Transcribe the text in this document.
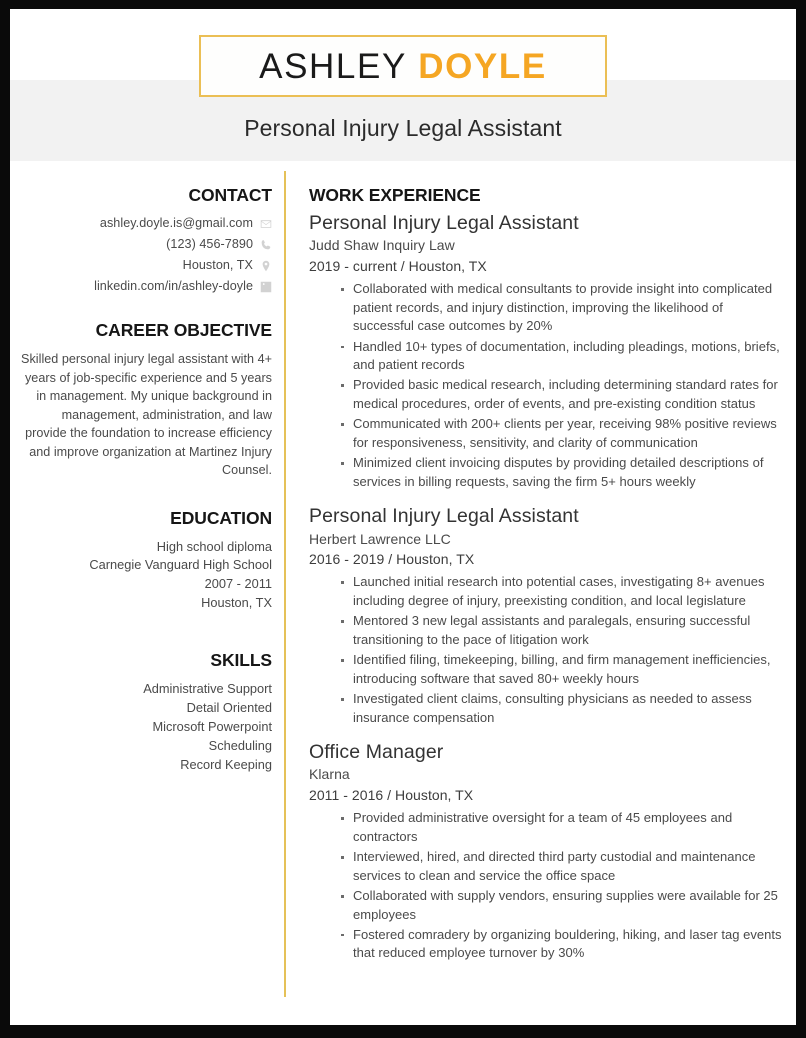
ASHLEY DOYLE
Personal Injury Legal Assistant
CONTACT
ashley.doyle.is@gmail.com
(123) 456-7890
Houston, TX
linkedin.com/in/ashley-doyle
CAREER OBJECTIVE
Skilled personal injury legal assistant with 4+ years of job-specific experience and 5 years in management. My unique background in management, administration, and law provide the foundation to increase efficiency and improve organization at Martinez Injury Counsel.
EDUCATION
High school diploma
Carnegie Vanguard High School
2007 - 2011
Houston, TX
SKILLS
Administrative Support
Detail Oriented
Microsoft Powerpoint
Scheduling
Record Keeping
WORK EXPERIENCE
Personal Injury Legal Assistant
Judd Shaw Inquiry Law
2019 - current / Houston, TX
Collaborated with medical consultants to provide insight into complicated patient records, and injury distinction, improving the likelihood of successful case outcomes by 20%
Handled 10+ types of documentation, including pleadings, motions, briefs, and patient records
Provided basic medical research, including determining standard rates for medical procedures, order of events, and pre-existing condition status
Communicated with 200+ clients per year, receiving 98% positive reviews for responsiveness, sensitivity, and clarity of communication
Minimized client invoicing disputes by providing detailed descriptions of services in billing requests, saving the firm 5+ hours weekly
Personal Injury Legal Assistant
Herbert Lawrence LLC
2016 - 2019 / Houston, TX
Launched initial research into potential cases, investigating 8+ avenues including degree of injury, preexisting condition, and local legislature
Mentored 3 new legal assistants and paralegals, ensuring successful transitioning to the pace of litigation work
Identified filing, timekeeping, billing, and firm management inefficiencies, introducing software that saved 80+ weekly hours
Investigated client claims, consulting physicians as needed to assess insurance compensation
Office Manager
Klarna
2011 - 2016 / Houston, TX
Provided administrative oversight for a team of 45 employees and contractors
Interviewed, hired, and directed third party custodial and maintenance services to clean and service the office space
Collaborated with supply vendors, ensuring supplies were available for 25 employees
Fostered comradery by organizing bouldering, hiking, and laser tag events that reduced employee turnover by 30%
